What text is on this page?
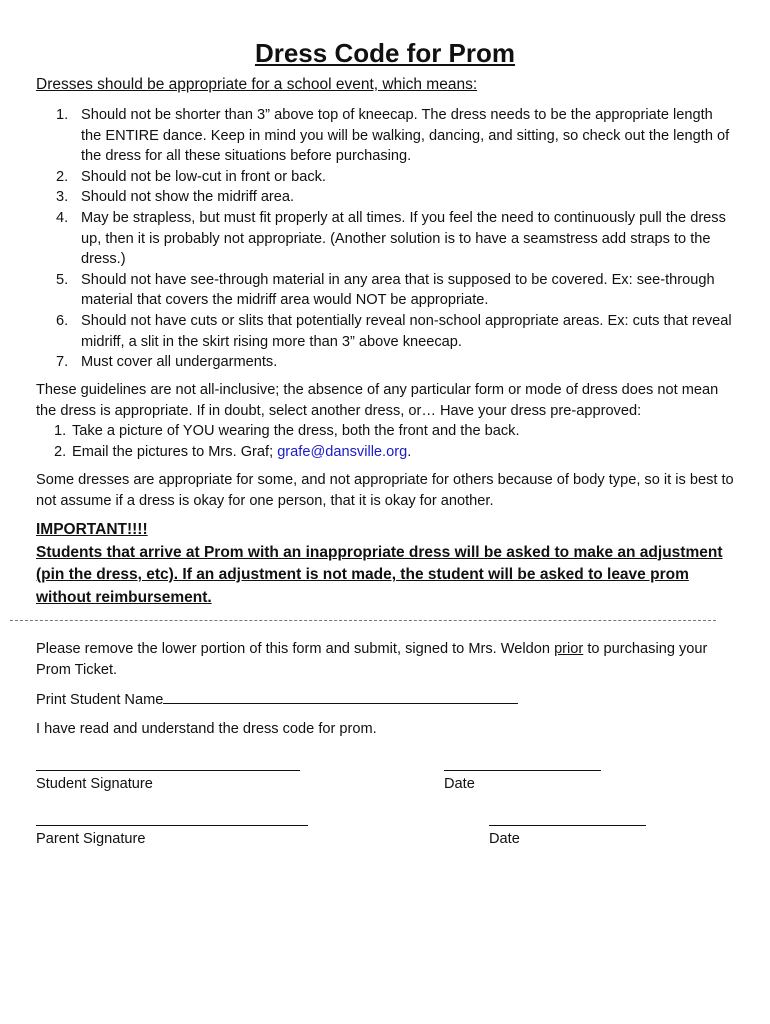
Dress Code for Prom
Dresses should be appropriate for a school event, which means:
1. Should not be shorter than 3” above top of kneecap. The dress needs to be the appropriate length the ENTIRE dance. Keep in mind you will be walking, dancing, and sitting, so check out the length of the dress for all these situations before purchasing.
2. Should not be low-cut in front or back.
3. Should not show the midriff area.
4. May be strapless, but must fit properly at all times. If you feel the need to continuously pull the dress up, then it is probably not appropriate. (Another solution is to have a seamstress add straps to the dress.)
5. Should not have see-through material in any area that is supposed to be covered. Ex: see-through material that covers the midriff area would NOT be appropriate.
6. Should not have cuts or slits that potentially reveal non-school appropriate areas. Ex: cuts that reveal midriff, a slit in the skirt rising more than 3” above kneecap.
7. Must cover all undergarments.
These guidelines are not all-inclusive; the absence of any particular form or mode of dress does not mean the dress is appropriate. If in doubt, select another dress, or… Have your dress pre-approved:
1. Take a picture of YOU wearing the dress, both the front and the back.
2. Email the pictures to Mrs. Graf; grafe@dansville.org.
Some dresses are appropriate for some, and not appropriate for others because of body type, so it is best to not assume if a dress is okay for one person, that it is okay for another.
IMPORTANT!!!!
Students that arrive at Prom with an inappropriate dress will be asked to make an adjustment (pin the dress, etc). If an adjustment is not made, the student will be asked to leave prom without reimbursement.
Please remove the lower portion of this form and submit, signed to Mrs. Weldon prior to purchasing your Prom Ticket.
Print Student Name
I have read and understand the dress code for prom.
Student Signature	Date
Parent Signature	Date
